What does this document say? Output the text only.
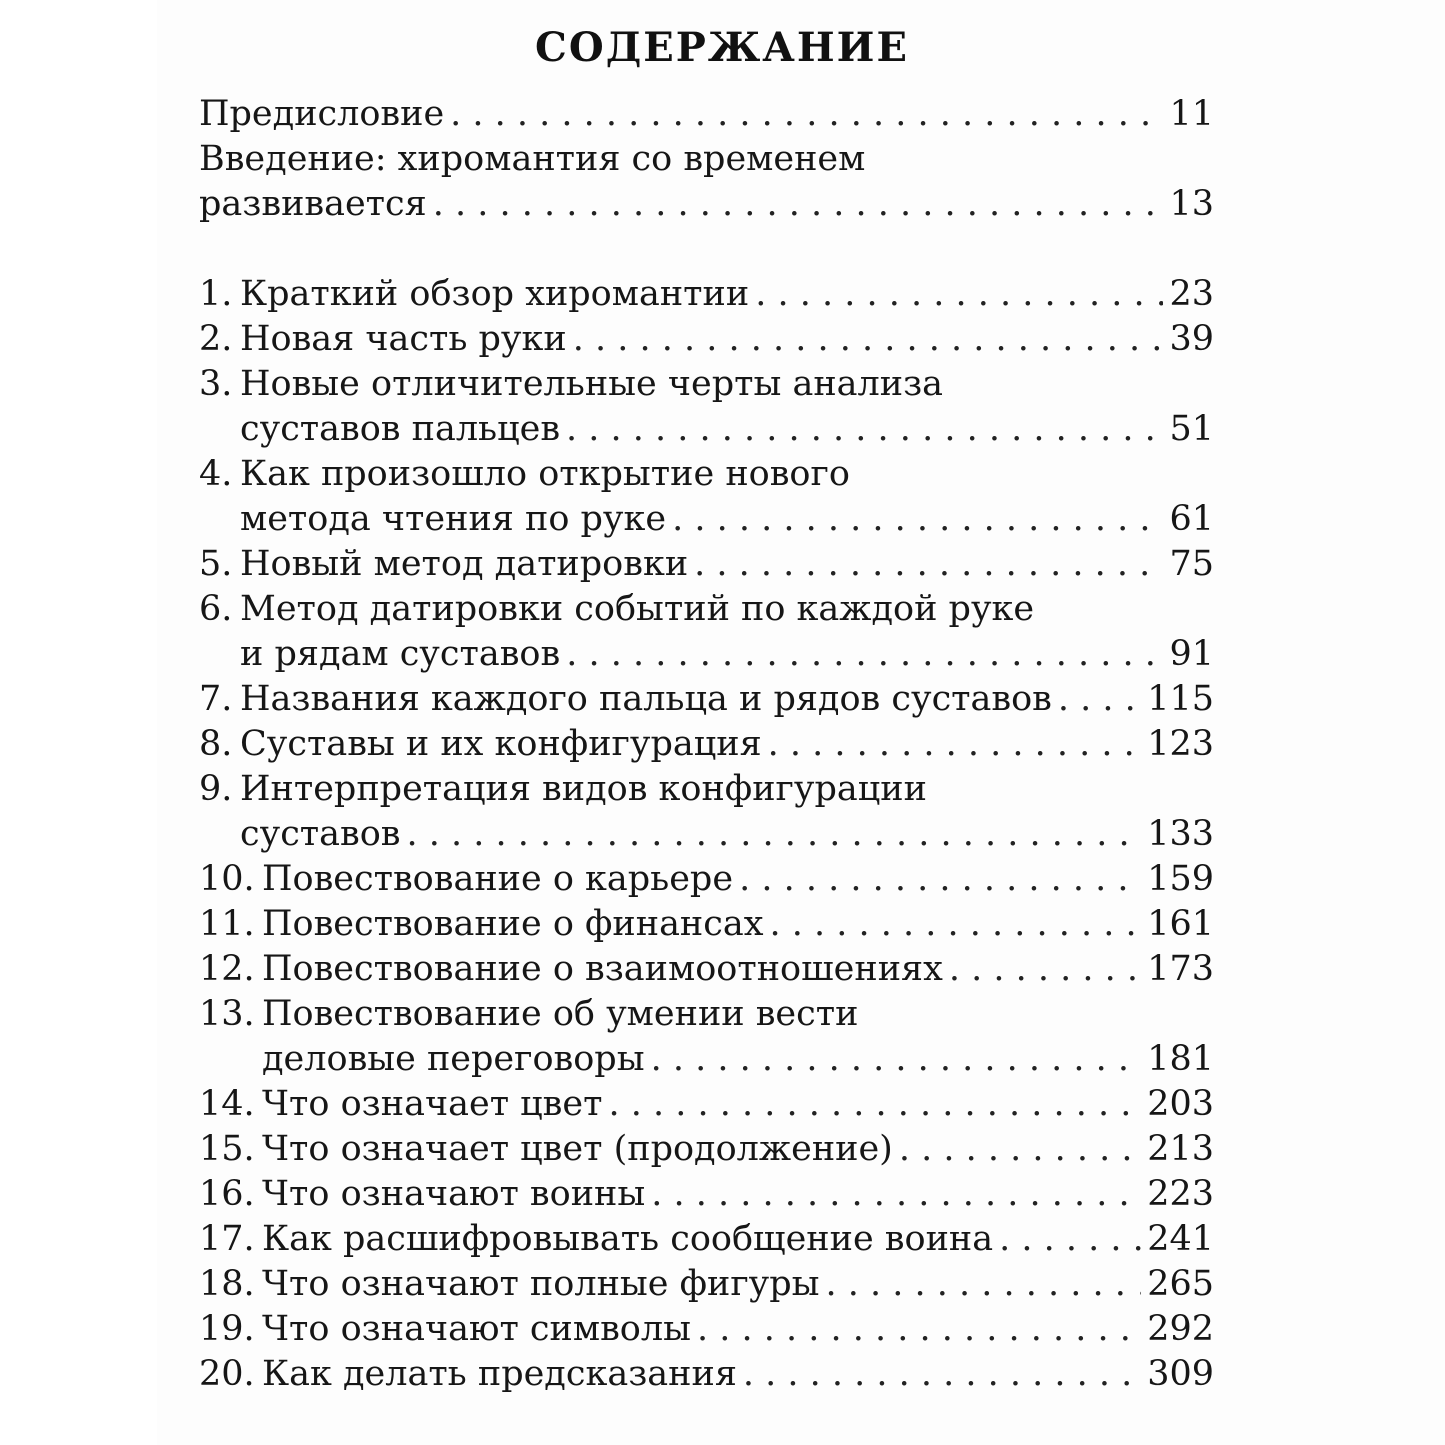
СОДЕРЖАНИЕ
Предисловие . . .	11
Введение: хиромантия со временем
развивается . . .	13
1. Краткий обзор хиромантии . . .	23
2. Новая часть руки . . .	39
3. Новые отличительные черты анализа
суставов пальцев . . .	51
4. Как произошло открытие нового
метода чтения по руке . . .	61
5. Новый метод датировки . . .	75
6. Метод датировки событий по каждой руке
и рядам суставов . . .	91
7. Названия каждого пальца и рядов суставов . . .	115
8. Суставы и их конфигурация . . .	123
9. Интерпретация видов конфигурации
суставов . . .	133
10. Повествование о карьере . . .	159
11. Повествование о финансах . . .	161
12. Повествование о взаимоотношениях . . .	173
13. Повествование об умении вести
деловые переговоры . . .	181
14. Что означает цвет . . .	203
15. Что означает цвет (продолжение) . . .	213
16. Что означают воины . . .	223
17. Как расшифровывать сообщение воина . . .	241
18. Что означают полные фигуры . . .	265
19. Что означают символы . . .	292
20. Как делать предсказания . . .	309
